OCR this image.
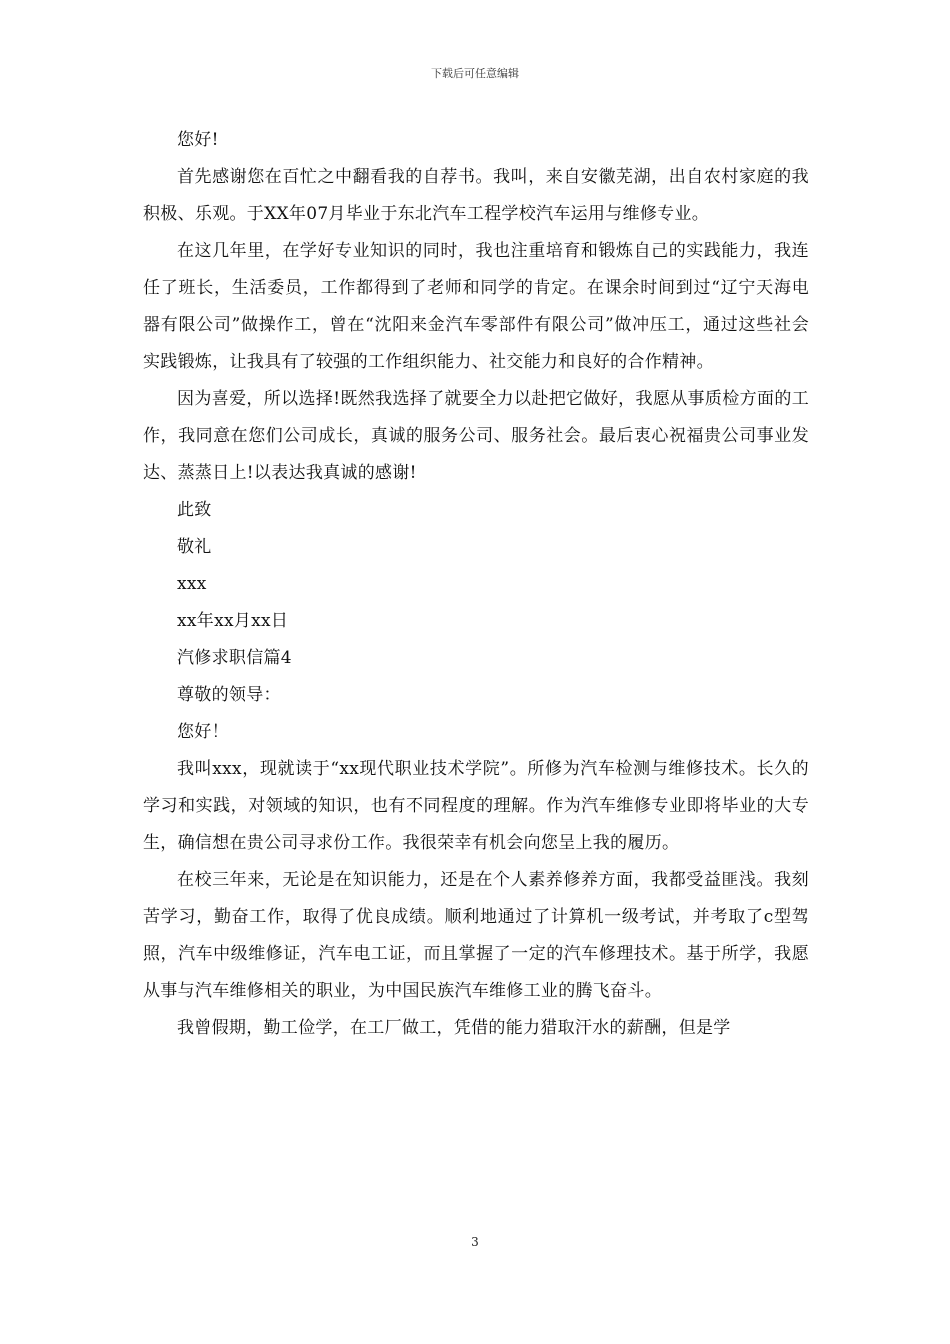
下载后可任意编辑

您好!

首先感谢您在百忙之中翻看我的自荐书。我叫，来自安徽芜湖，出自农村家庭的我积极、乐观。于XX年07月毕业于东北汽车工程学校汽车运用与维修专业。

在这几年里，在学好专业知识的同时，我也注重培育和锻炼自己的实践能力，我连任了班长，生活委员，工作都得到了老师和同学的肯定。在课余时间到过“辽宁天海电器有限公司”做操作工，曾在“沈阳来金汽车零部件有限公司”做冲压工，通过这些社会实践锻炼，让我具有了较强的工作组织能力、社交能力和良好的合作精神。

因为喜爱，所以选择!既然我选择了就要全力以赴把它做好，我愿从事质检方面的工作，我同意在您们公司成长，真诚的服务公司、服务社会。最后衷心祝福贵公司事业发达、蒸蒸日上!以表达我真诚的感谢!

此致

敬礼

xxx

xx年xx月xx日

汽修求职信篇4

尊敬的领导：

您好！

我叫xxx，现就读于“xx现代职业技术学院”。所修为汽车检测与维修技术。长久的学习和实践，对领域的知识，也有不同程度的理解。作为汽车维修专业即将毕业的大专生，确信想在贵公司寻求份工作。我很荣幸有机会向您呈上我的履历。

在校三年来，无论是在知识能力，还是在个人素养修养方面，我都受益匪浅。我刻苦学习，勤奋工作，取得了优良成绩。顺利地通过了计算机一级考试，并考取了c型驾照，汽车中级维修证，汽车电工证，而且掌握了一定的汽车修理技术。基于所学，我愿从事与汽车维修相关的职业，为中国民族汽车维修工业的腾飞奋斗。

我曾假期，勤工俭学，在工厂做工，凭借的能力猎取汗水的薪酬，但是学

3
